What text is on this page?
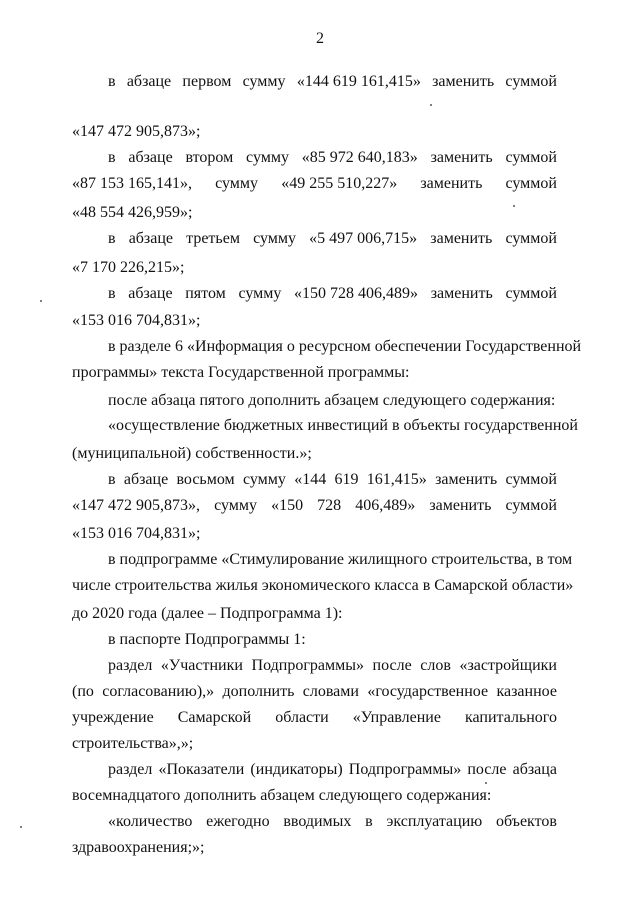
2
в абзаце первом сумму «144 619 161,415» заменить суммой
«147 472 905,873»;
в абзаце втором сумму «85 972 640,183» заменить суммой
«87 153 165,141», сумму «49 255 510,227» заменить суммой
«48 554 426,959»;
в абзаце третьем сумму «5 497 006,715» заменить суммой
«7 170 226,215»;
в абзаце пятом сумму «150 728 406,489» заменить суммой
«153 016 704,831»;
в разделе 6 «Информация о ресурсном обеспечении Государственной
программы» текста Государственной программы:
после абзаца пятого дополнить абзацем следующего содержания:
«осуществление бюджетных инвестиций в объекты государственной
(муниципальной) собственности.»;
в абзаце восьмом сумму «144 619 161,415» заменить суммой
«147 472 905,873», сумму «150 728 406,489» заменить суммой
«153 016 704,831»;
в подпрограмме «Стимулирование жилищного строительства, в том
числе строительства жилья экономического класса в Самарской области»
до 2020 года (далее – Подпрограмма 1):
в паспорте Подпрограммы 1:
раздел «Участники Подпрограммы» после слов «застройщики
(по согласованию),» дополнить словами «государственное казанное
учреждение Самарской области «Управление капитального
строительства»,»;
раздел «Показатели (индикаторы) Подпрограммы» после абзаца
восемнадцатого дополнить абзацем следующего содержания:
«количество ежегодно вводимых в эксплуатацию объектов
здравоохранения;»;
